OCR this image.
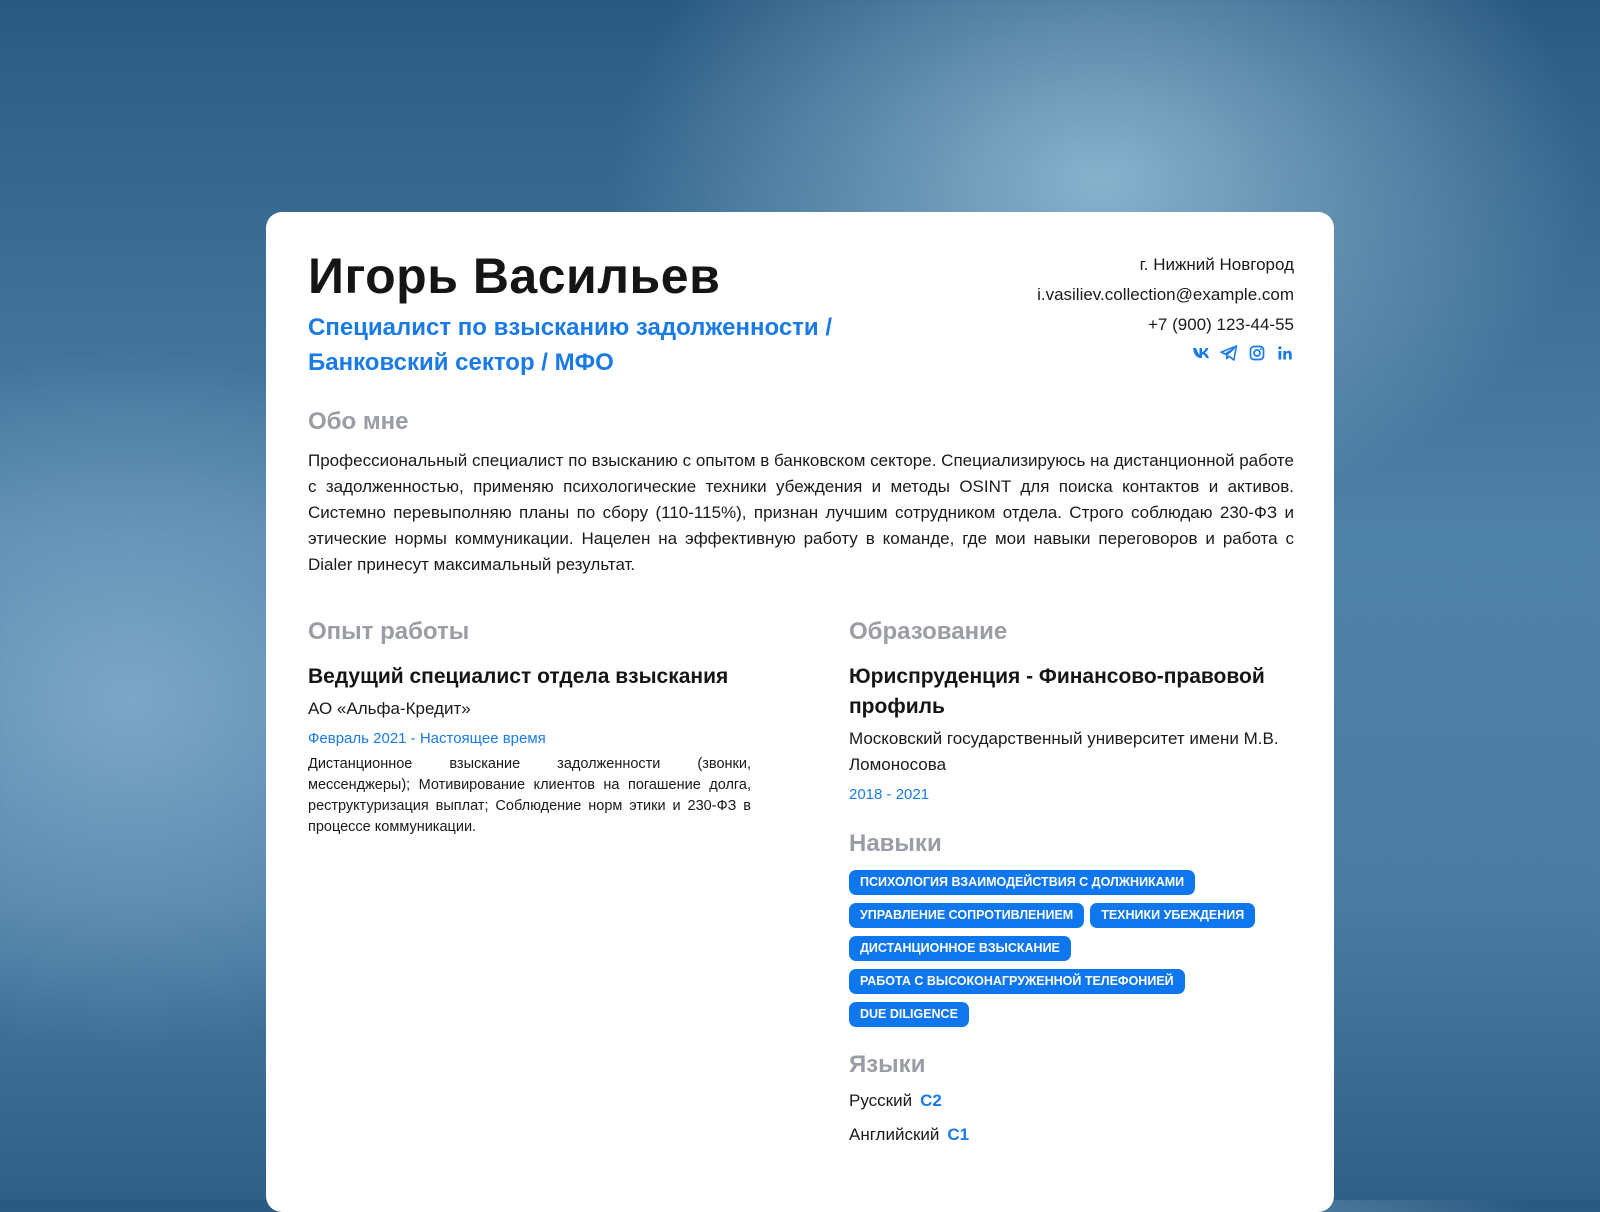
Игорь Васильев
Специалист по взысканию задолженности / Банковский сектор / МФО
г. Нижний Новгород
i.vasiliev.collection@example.com
+7 (900) 123-44-55
Обо мне
Профессиональный специалист по взысканию с опытом в банковском секторе. Специализируюсь на дистанционной работе с задолженностью, применяю психологические техники убеждения и методы OSINT для поиска контактов и активов. Системно перевыполняю планы по сбору (110-115%), признан лучшим сотрудником отдела. Строго соблюдаю 230-ФЗ и этические нормы коммуникации. Нацелен на эффективную работу в команде, где мои навыки переговоров и работа с Dialer принесут максимальный результат.
Опыт работы
Ведущий специалист отдела взыскания
АО «Альфа-Кредит»
Февраль 2021 - Настоящее время
Дистанционное взыскание задолженности (звонки, мессенджеры); Мотивирование клиентов на погашение долга, реструктуризация выплат; Соблюдение норм этики и 230-ФЗ в процессе коммуникации.
Образование
Юриспруденция - Финансово-правовой профиль
Московский государственный университет имени М.В. Ломоносова
2018 - 2021
Навыки
ПСИХОЛОГИЯ ВЗАИМОДЕЙСТВИЯ С ДОЛЖНИКАМИ
УПРАВЛЕНИЕ СОПРОТИВЛЕНИЕМ	ТЕХНИКИ УБЕЖДЕНИЯ
ДИСТАНЦИОННОЕ ВЗЫСКАНИЕ
РАБОТА С ВЫСОКОНАГРУЖЕННОЙ ТЕЛЕФОНИЕЙ
DUE DILIGENCE
Языки
Русский C2
Английский C1
